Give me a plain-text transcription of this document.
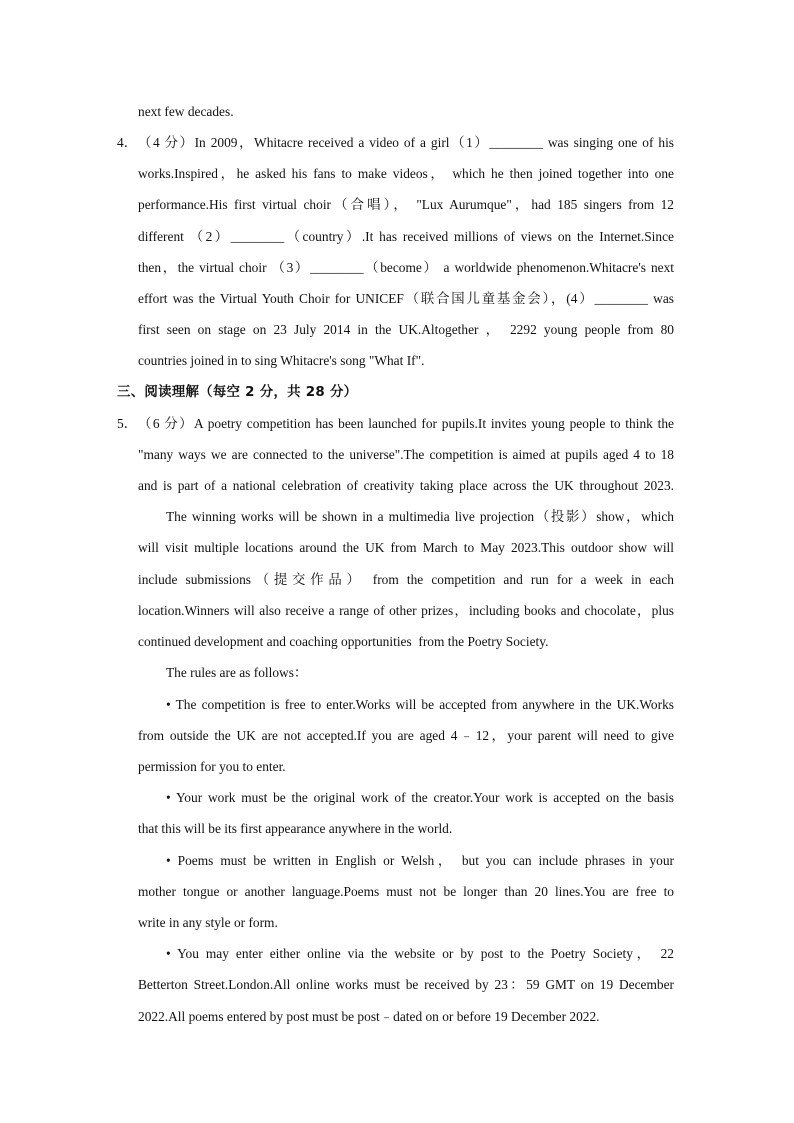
next few decades.
4． （4 分）In 2009，Whitacre received a video of a girl（1）________ was singing one of his
works.Inspired，he asked his fans to make videos， which he then joined together into one
performance.His first virtual choir（合唱）， "Lux Aurumque"，had 185 singers from 12
different （2）________（country）.It has received millions of views on the Internet.Since
then，the virtual choir （3）________（become） a worldwide phenomenon.Whitacre's next
effort was the Virtual Youth Choir for UNICEF（联合国儿童基金会），(4）________ was
first seen on stage on 23 July 2014 in the UK.Altogether ， 2292 young people from 80
countries joined in to sing Whitacre's song "What If".
三、阅读理解（每空 2 分，共 28 分）
5． （6 分）A poetry competition has been launched for pupils.It invites young people to think the
"many ways we are connected to the universe".The competition is aimed at pupils aged 4 to 18
and is part of a national celebration of creativity taking place across the UK throughout 2023.
The winning works will be shown in a multimedia live projection（投影）show，which
will visit multiple locations around the UK from March to May 2023.This outdoor show will
include submissions（提交作品） from the competition and run for a week in each
location.Winners will also receive a range of other prizes，including books and chocolate，plus
continued development and coaching opportunities  from the Poetry Society.
The rules are as follows：
• The competition is free to enter.Works will be accepted from anywhere in the UK.Works
from outside the UK are not accepted.If you are aged 4﹣12，your parent will need to give
permission for you to enter.
• Your work must be the original work of the creator.Your work is accepted on the basis
that this will be its first appearance anywhere in the world.
• Poems must be written in English or Welsh， but you can include phrases in your
mother tongue or another language.Poems must not be longer than 20 lines.You are free to
write in any style or form.
• You may enter either online via the website or by post to the Poetry Society， 22
Betterton Street.London.All online works must be received by 23：59 GMT on 19 December
2022.All poems entered by post must be post﹣dated on or before 19 December 2022.
